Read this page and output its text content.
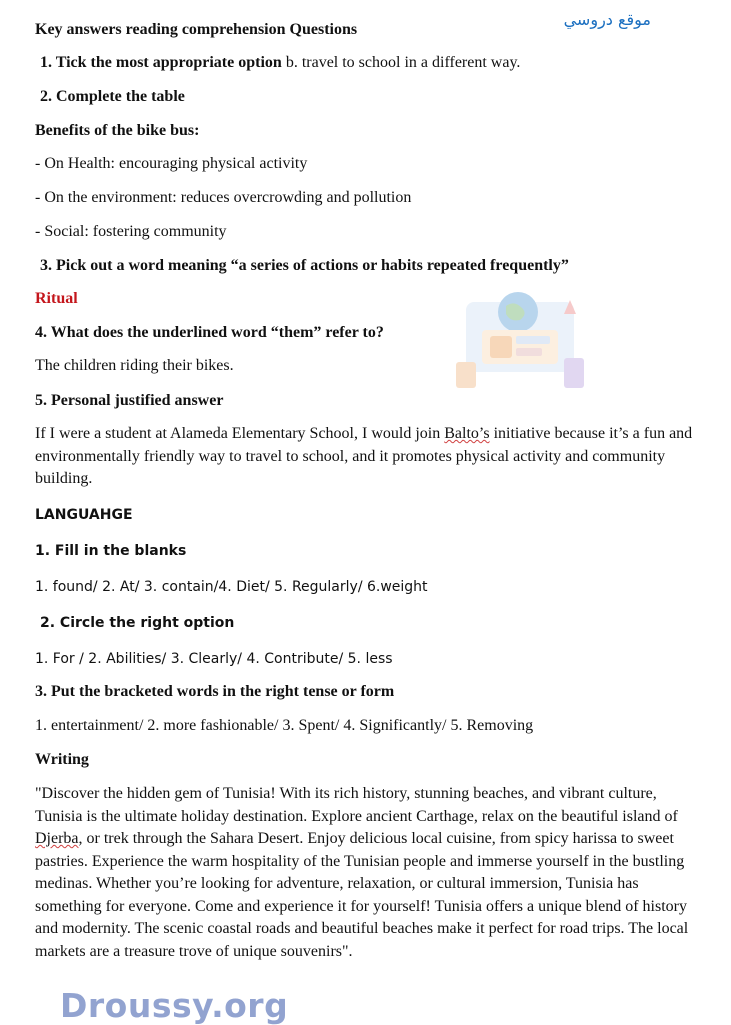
Key answers reading comprehension Questions
موقع دروسي
1. Tick the most appropriate option b. travel to school in a different way.
2. Complete the table
Benefits of the bike bus:
- On Health: encouraging physical activity
- On the environment: reduces overcrowding and pollution
- Social: fostering community
3. Pick out a word meaning “a series of actions or habits repeated frequently”
Ritual
4. What does the underlined word “them” refer to?
The children riding their bikes.
5. Personal justified answer
If I were a student at Alameda Elementary School, I would join Balto’s initiative because it’s a fun and environmentally friendly way to travel to school, and it promotes physical activity and community building.
LANGUAHGE
1. Fill in the blanks
1. found/ 2. At/ 3. contain/4. Diet/ 5. Regularly/ 6.weight
2. Circle the right option
1. For / 2. Abilities/ 3. Clearly/ 4. Contribute/ 5. less
3. Put the bracketed words in the right tense or form
1. entertainment/ 2. more fashionable/ 3. Spent/ 4. Significantly/ 5. Removing
Writing
"Discover the hidden gem of Tunisia! With its rich history, stunning beaches, and vibrant culture, Tunisia is the ultimate holiday destination. Explore ancient Carthage, relax on the beautiful island of Djerba, or trek through the Sahara Desert. Enjoy delicious local cuisine, from spicy harissa to sweet pastries. Experience the warm hospitality of the Tunisian people and immerse yourself in the bustling medinas. Whether you’re looking for adventure, relaxation, or cultural immersion, Tunisia has something for everyone. Come and experience it for yourself! Tunisia offers a unique blend of history and modernity. The scenic coastal roads and beautiful beaches make it perfect for road trips. The local markets are a treasure trove of unique souvenirs".
Droussy.org
